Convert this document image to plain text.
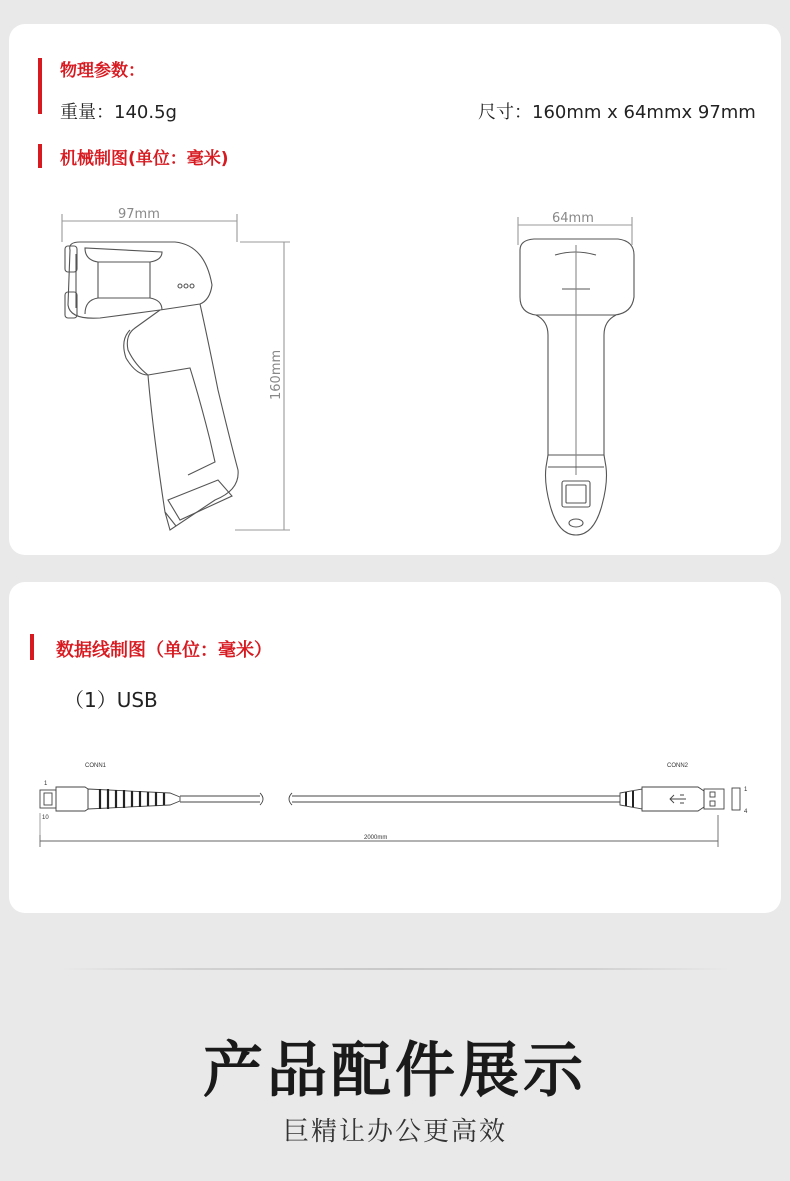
物理参数：
重量：140.5g	尺寸：160mm x 64mmx 97mm
机械制图(单位：毫米)
97mm
160mm
64mm
数据线制图（单位：毫米）
（1）USB
CONN1	CONN2
1
10
1
4
2000mm
产品配件展示
巨精让办公更高效
